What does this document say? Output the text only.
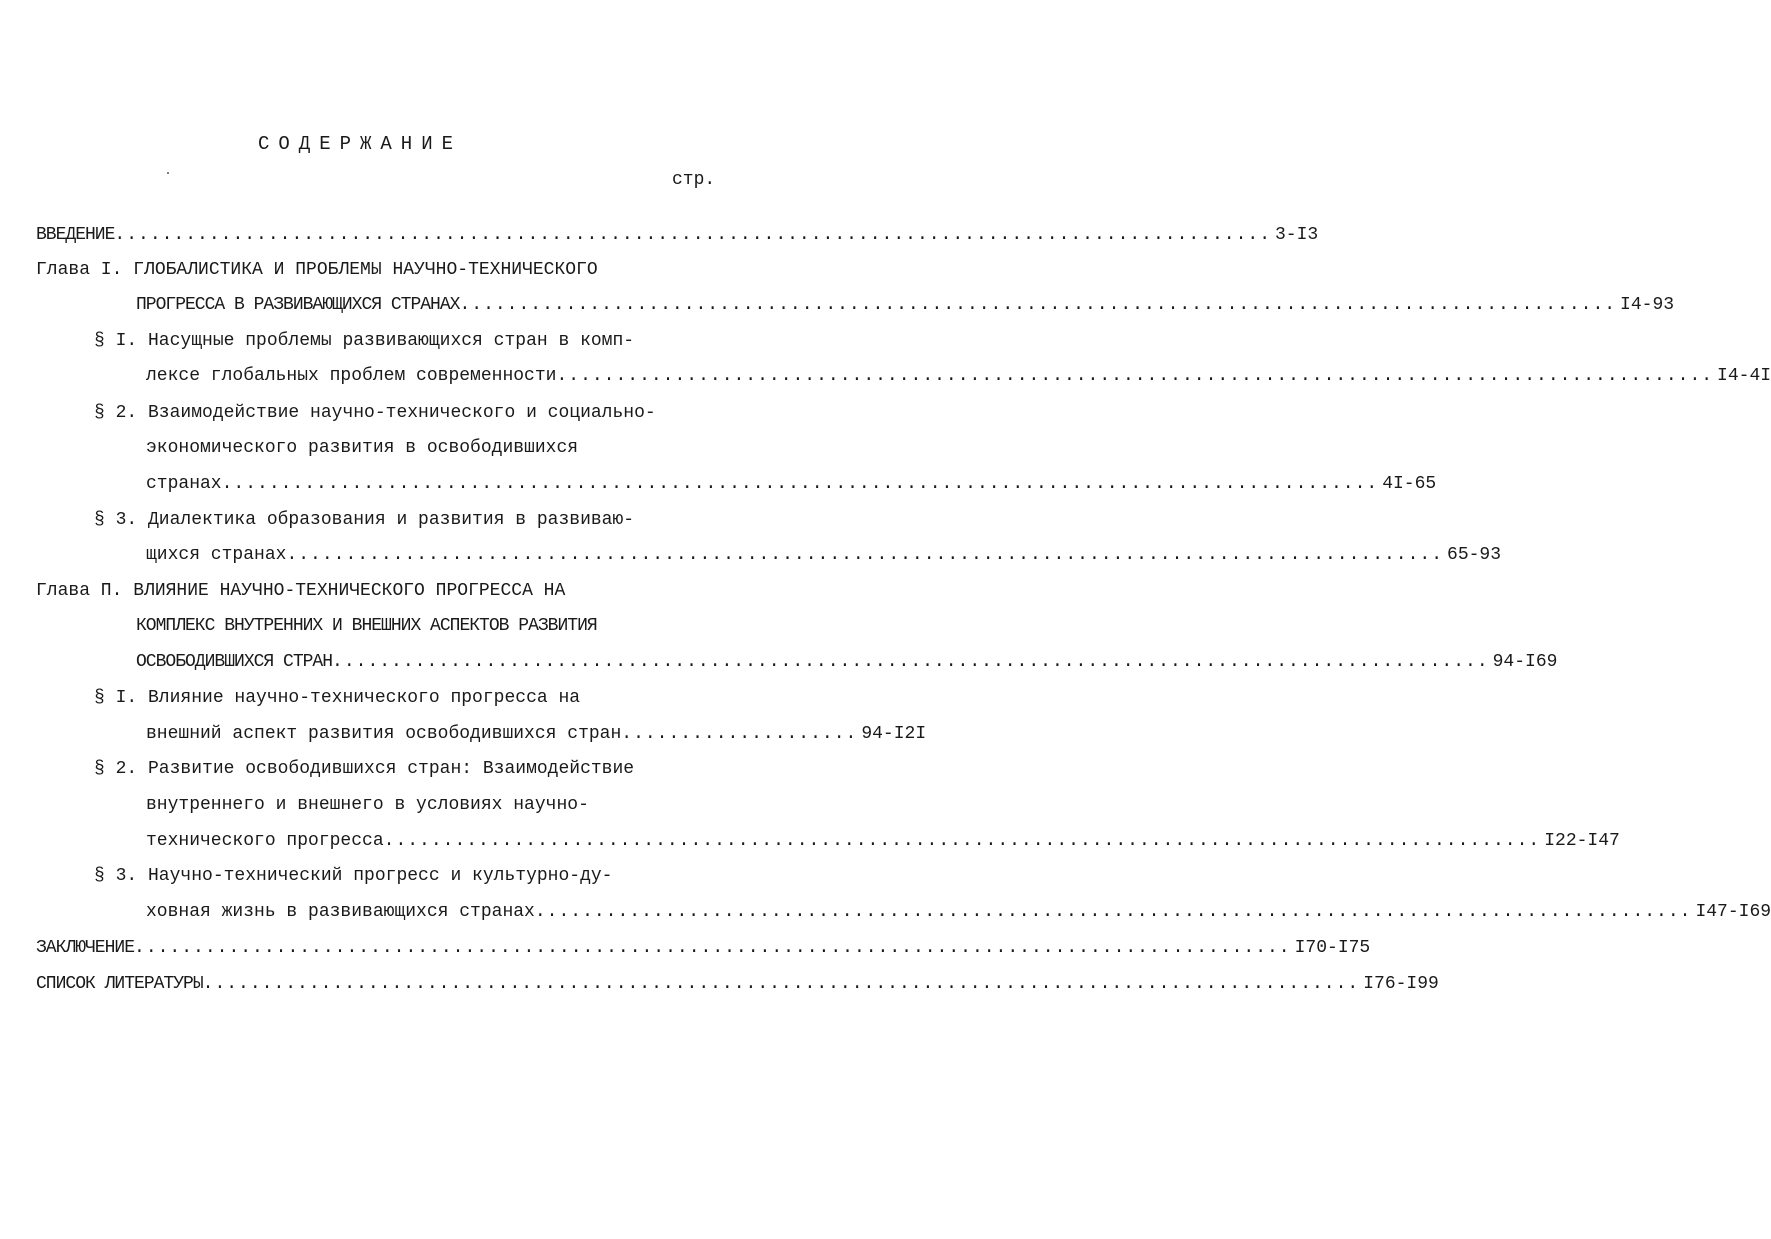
СОДЕРЖАНИЕ
стр.
ВВЕДЕНИЕ .................................................................................................. 3-I3
Глава I. ГЛОБАЛИСТИКА И ПРОБЛЕМЫ НАУЧНО-ТЕХНИЧЕСКОГО
ПРОГРЕССА В РАЗВИВАЮЩИХСЯ СТРАНАХ .................................................................................................. I4-93
§ I. Насущные проблемы развивающихся стран в комп-
лексе глобальных проблем современности .................................................................................................. I4-4I
§ 2. Взаимодействие научно-технического и социально-
экономического развития в освободившихся
странах .................................................................................................. 4I-65
§ 3. Диалектика образования и развития в развиваю-
щихся странах .................................................................................................. 65-93
Глава П. ВЛИЯНИЕ НАУЧНО-ТЕХНИЧЕСКОГО ПРОГРЕССА НА
КОМПЛЕКС ВНУТРЕННИХ И ВНЕШНИХ АСПЕКТОВ РАЗВИТИЯ
ОСВОБОДИВШИХСЯ СТРАН .................................................................................................. 94-I69
§ I. Влияние научно-технического прогресса на
внешний аспект развития освободившихся стран .................... 94-I2I
§ 2. Развитие освободившихся стран: Взаимодействие
внутреннего и внешнего в условиях научно-
технического прогресса .................................................................................................. I22-I47
§ 3. Научно-технический прогресс и культурно-ду-
ховная жизнь в развивающихся странах .................................................................................................. I47-I69
ЗАКЛЮЧЕНИЕ .................................................................................................. I70-I75
СПИСОК ЛИТЕРАТУРЫ .................................................................................................. I76-I99
